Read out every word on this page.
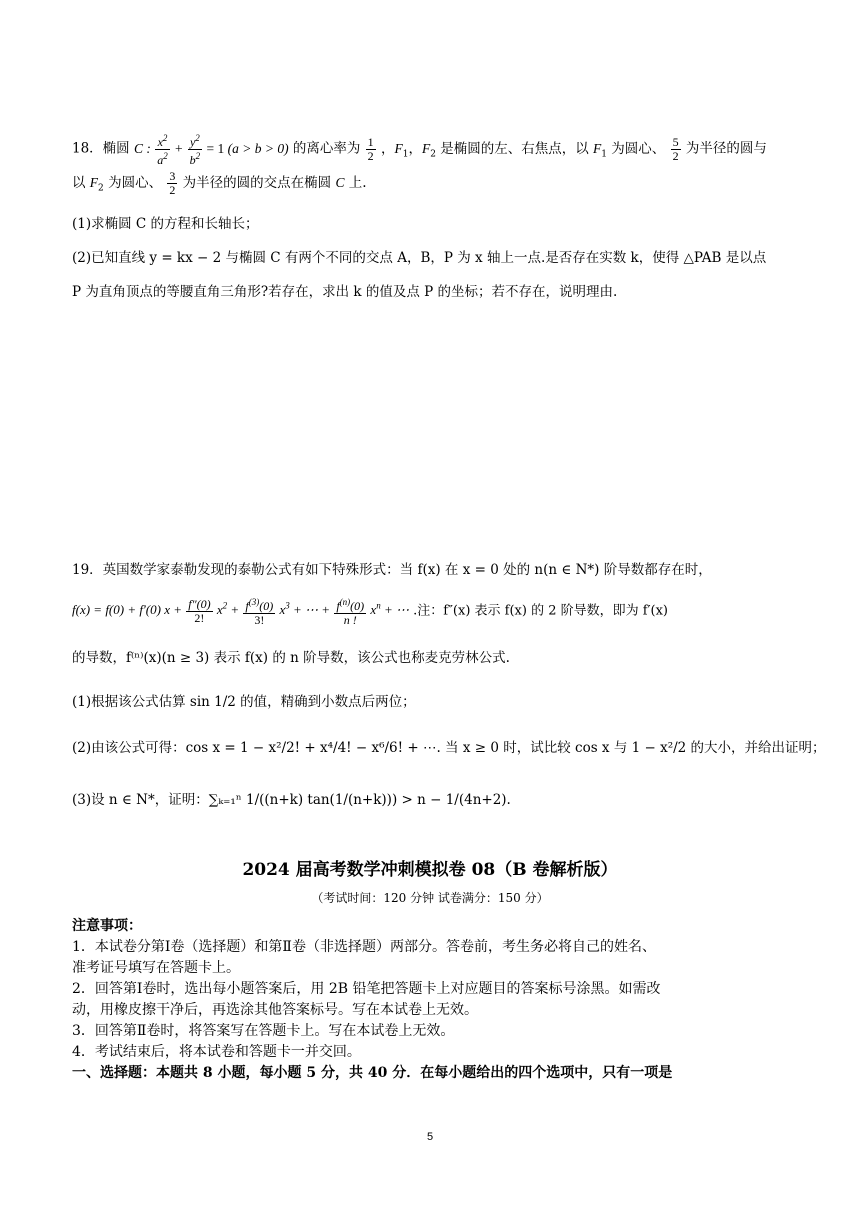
18．椭圆 C : $\frac{x^2}{a^2} + \frac{y^2}{b^2} = 1$ (a > b > 0) 的离心率为 $\frac{1}{2}$ ，$F_1$，$F_2$ 是椭圆的左、右焦点，以 $F_1$ 为圆心、 $\frac{5}{2}$ 为半径的圆与
以 $F_2$ 为圆心、 $\frac{3}{2}$ 为半径的圆的交点在椭圆 C 上.
(1)求椭圆 C 的方程和长轴长；
(2)已知直线 y = kx − 2 与椭圆 C 有两个不同的交点 A，B，P 为 x 轴上一点.是否存在实数 k，使得 △PAB 是以点
P 为直角顶点的等腰直角三角形?若存在，求出 k 的值及点 P 的坐标；若不存在，说明理由.
19．英国数学家泰勒发现的泰勒公式有如下特殊形式：当 f(x) 在 x = 0 处的 n(n ∈ N*) 阶导数都存在时，
f(x) = f(0) + f′(0) $x + \frac{f''(0)}{2!} x^2 + \frac{f^{(3)}(0)}{3!} x^3$ + ⋯ + $\frac{f^{(n)}(0)}{n !} x^n$ + ⋯ .注：f″(x) 表示 f(x) 的 2 阶导数，即为 f′(x)
的导数，f⁽ⁿ⁾(x)(n ≥ 3) 表示 f(x) 的 n 阶导数，该公式也称麦克劳林公式.
(1)根据该公式估算 sin 1/2 的值，精确到小数点后两位；
(2)由该公式可得：cos x = 1 − x²/2! + x⁴/4! − x⁶/6! + ⋯. 当 x ≥ 0 时，试比较 cos x 与 1 − x²/2 的大小，并给出证明；
(3)设 n ∈ N*，证明：∑ₖ₌₁ⁿ 1/((n+k) tan(1/(n+k))) > n − 1/(4n+2).
2024 届高考数学冲刺模拟卷 08（B 卷解析版）
（考试时间：120 分钟 试卷满分：150 分）
注意事项：
1．本试卷分第Ⅰ卷（选择题）和第Ⅱ卷（非选择题）两部分。答卷前，考生务必将自己的姓名、
准考证号填写在答题卡上。
2．回答第Ⅰ卷时，选出每小题答案后，用 2B 铅笔把答题卡上对应题目的答案标号涂黑。如需改
动，用橡皮擦干净后，再选涂其他答案标号。写在本试卷上无效。
3．回答第Ⅱ卷时，将答案写在答题卡上。写在本试卷上无效。
4．考试结束后，将本试卷和答题卡一并交回。
一、选择题：本题共 8 小题，每小题 5 分，共 40 分．在每小题给出的四个选项中，只有一项是
5
